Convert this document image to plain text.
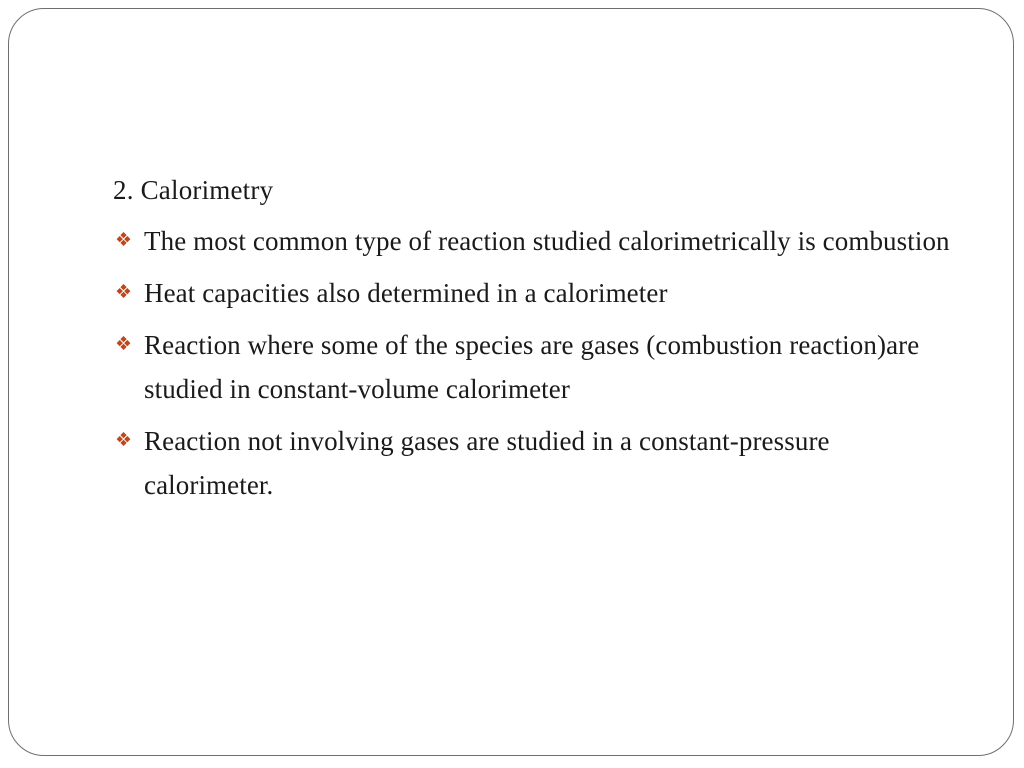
2. Calorimetry
❖ The most common type of reaction studied calorimetrically is combustion
❖ Heat capacities also determined in a calorimeter
❖ Reaction where some of the species are gases (combustion reaction)are studied in constant-volume calorimeter
❖ Reaction not involving gases are studied in a constant-pressure calorimeter.
